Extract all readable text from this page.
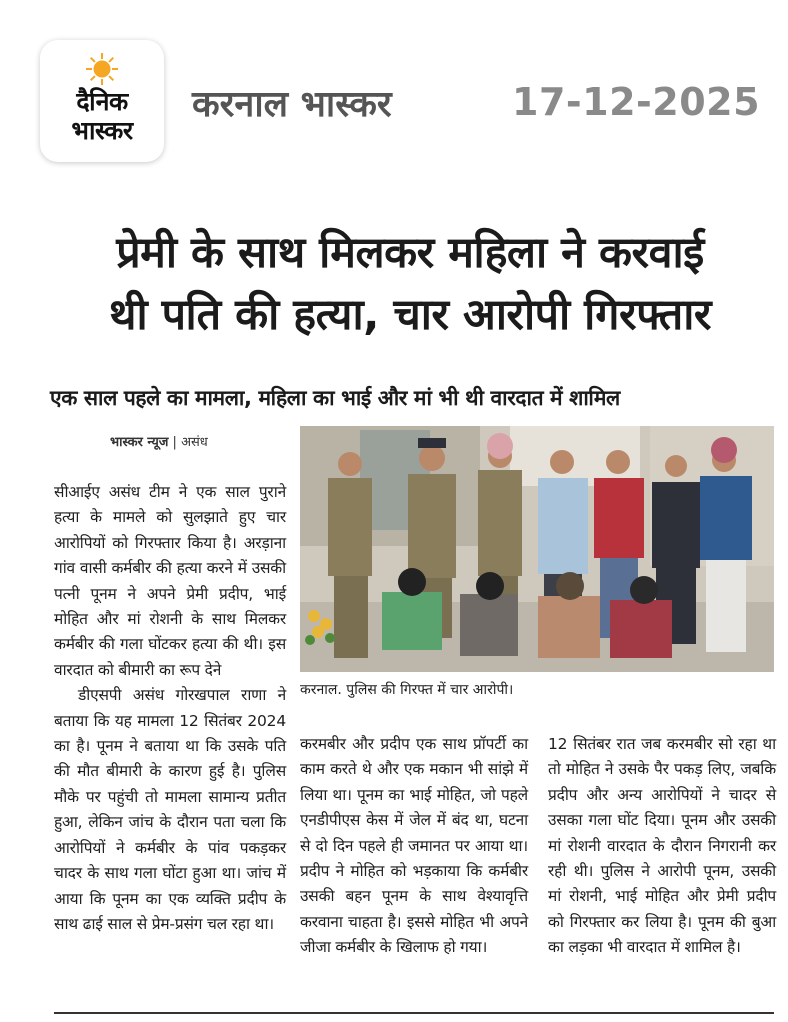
दैनिक
भास्कर
करनाल भास्कर	17-12-2025
प्रेमी के साथ मिलकर महिला ने करवाई
थी पति की हत्या, चार आरोपी गिरफ्तार
एक साल पहले का मामला, महिला का भाई और मां भी थी वारदात में शामिल
भास्कर न्यूज | असंध

सीआईए असंध टीम ने एक साल पुराने हत्या के मामले को सुलझाते हुए चार आरोपियों को गिरफ्तार किया है। अरड़ाना गांव वासी कर्मबीर की हत्या करने में उसकी पत्नी पूनम ने अपने प्रेमी प्रदीप, भाई मोहित और मां रोशनी के साथ मिलकर कर्मबीर की गला घोंटकर हत्या की थी। इस वारदात को बीमारी का रूप देने

डीएसपी असंध गोरखपाल राणा ने बताया कि यह मामला 12 सितंबर 2024 का है। पूनम ने बताया था कि उसके पति की मौत बीमारी के कारण हुई है। पुलिस मौके पर पहुंची तो मामला सामान्य प्रतीत हुआ, लेकिन जांच के दौरान पता चला कि आरोपियों ने कर्मबीर के पांव पकड़कर चादर के साथ गला घोंटा हुआ था। जांच में आया कि पूनम का एक व्यक्ति प्रदीप के साथ ढाई साल से प्रेम-प्रसंग चल रहा था।

करनाल. पुलिस की गिरफ्त में चार आरोपी।

करमबीर और प्रदीप एक साथ प्रॉपर्टी का काम करते थे और एक मकान भी सांझे में लिया था। पूनम का भाई मोहित, जो पहले एनडीपीएस केस में जेल में बंद था, घटना से दो दिन पहले ही जमानत पर आया था। प्रदीप ने मोहित को भड़काया कि कर्मबीर उसकी बहन पूनम के साथ वेश्यावृत्ति करवाना चाहता है। इससे मोहित भी अपने जीजा कर्मबीर के खिलाफ हो गया।

12 सितंबर रात जब करमबीर सो रहा था तो मोहित ने उसके पैर पकड़ लिए, जबकि प्रदीप और अन्य आरोपियों ने चादर से उसका गला घोंट दिया। पूनम और उसकी मां रोशनी वारदात के दौरान निगरानी कर रही थी। पुलिस ने आरोपी पूनम, उसकी मां रोशनी, भाई मोहित और प्रेमी प्रदीप को गिरफ्तार कर लिया है। पूनम की बुआ का लड़का भी वारदात में शामिल है।
